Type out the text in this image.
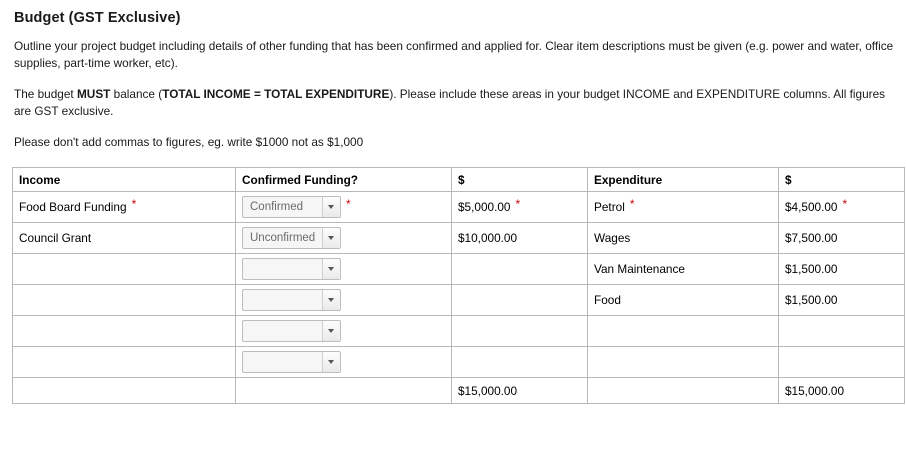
Budget (GST Exclusive)

Outline your project budget including details of other funding that has been confirmed and applied for. Clear item descriptions must be given (e.g. power and water, office supplies, part-time worker, etc).

The budget MUST balance (TOTAL INCOME = TOTAL EXPENDITURE). Please include these areas in your budget INCOME and EXPENDITURE columns. All figures are GST exclusive.

Please don't add commas to figures, eg. write $1000 not as $1,000

Income	Confirmed Funding?	$	Expenditure	$

Food Board Funding *	Confirmed *	$5,000.00 *	Petrol *	$4,500.00 *

Council Grant	Unconfirmed	$10,000.00	Wages	$7,500.00

			Van Maintenance	$1,500.00

			Food	$1,500.00

		$15,000.00		$15,000.00
